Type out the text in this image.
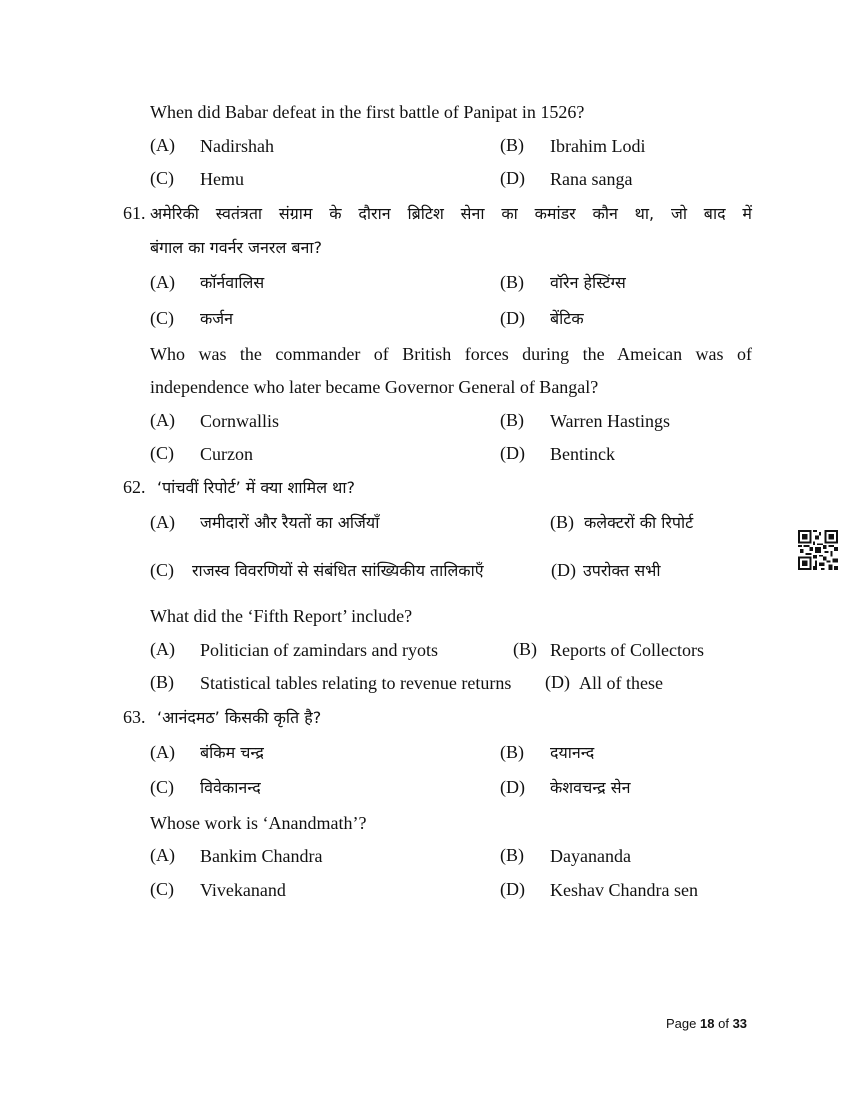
When did Babar defeat in the first battle of Panipat in 1526?
(A) Nadirshah	(B) Ibrahim Lodi
(C) Hemu	(D) Rana sanga
61. अमेरिकी स्वतंत्रता संग्राम के दौरान ब्रिटिश सेना का कमांडर कौन था, जो बाद में
बंगाल का गवर्नर जनरल बना?
(A) कॉर्नवालिस	(B) वॉरेन हेस्टिंग्स
(C) कर्जन	(D) बेंटिक
Who was the commander of British forces during the Ameican was of
independence who later became Governor General of Bangal?
(A) Cornwallis	(B) Warren Hastings
(C) Curzon	(D) Bentinck
62. ‘पांचवीं रिपोर्ट’ में क्या शामिल था?
(A) जमीदारों और रैयतों का अर्जियाँ	(B) कलेक्टरों की रिपोर्ट
(C) राजस्व विवरणियों से संबंधित सांख्यिकीय तालिकाएँ	(D) उपरोक्त सभी
What did the ‘Fifth Report’ include?
(A) Politician of zamindars and ryots	(B) Reports of Collectors
(B) Statistical tables relating to revenue returns (D) All of these
63. ‘आनंदमठ’ किसकी कृति है?
(A) बंकिम चन्द्र	(B) दयानन्द
(C) विवेकानन्द	(D) केशवचन्द्र सेन
Whose work is ‘Anandmath’?
(A) Bankim Chandra	(B) Dayananda
(C) Vivekanand	(D) Keshav Chandra sen
Page 18 of 33
